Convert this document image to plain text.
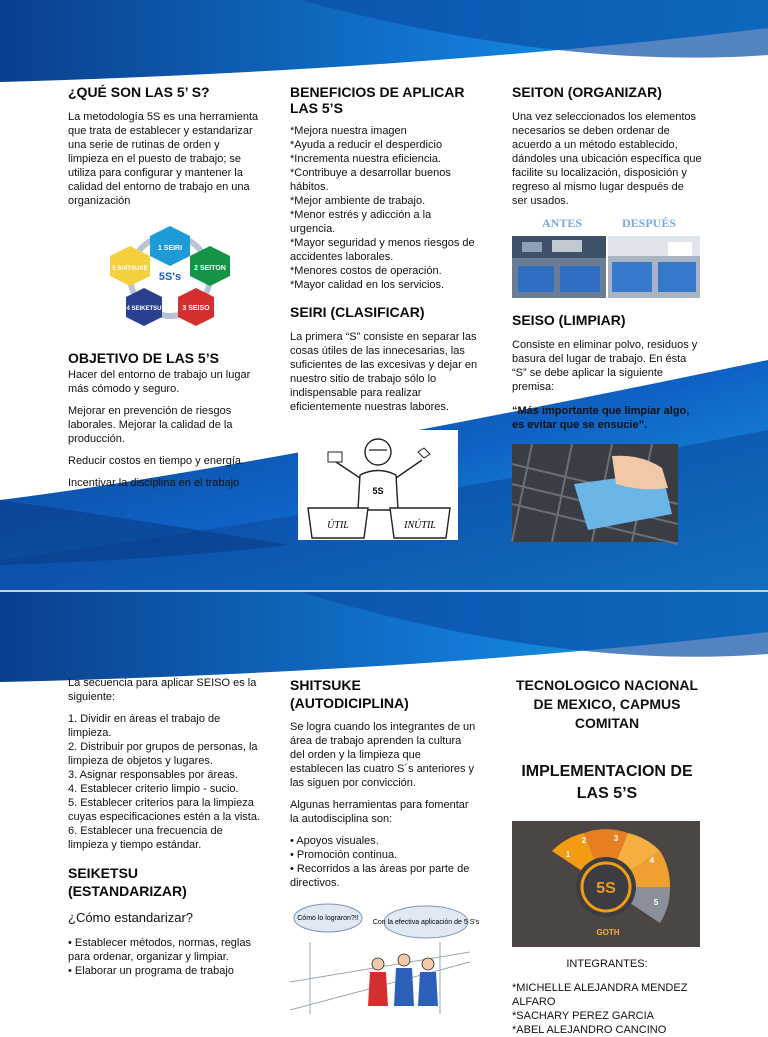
¿QUÉ SON LAS 5’ S?

La metodología 5S es una herramienta que trata de establecer y estandarizar una serie de rutinas de orden y limpieza en el puesto de trabajo; se utiliza para configurar y mantener la calidad del entorno de trabajo en una organización

1 SEIRI
2 SEITON
3 SEISO
4 SEIKETSU
5 SHITSUKE
5S's
OBJETIVO DE LAS 5’S

Hacer del entorno de trabajo un lugar más cómodo y seguro.

Mejorar en prevención de riesgos laborales. Mejorar la calidad de la producción.

Reducir costos en tiempo y energía.

Incentivar la disciplina en el trabajo

BENEFICIOS DE APLICAR LAS 5’S

*Mejora nuestra imagen

*Ayuda a reducir el desperdicio

*Incrementa nuestra eficiencia.

*Contribuye a desarrollar buenos hábitos.

*Mejor ambiente de trabajo.

*Menor estrés y adicción a la urgencia.

*Mayor seguridad y menos riesgos de accidentes laborales.

*Menores costos de operación.

*Mayor calidad en los servicios.

SEIRI (CLASIFICAR)

La primera “S” consiste en separar las cosas útiles de las innecesarias, las suficientes de las excesivas y dejar en nuestro sitio de trabajo sólo lo indispensable para realizar eficientemente nuestras labores.

5S
ÚTIL	INÚTIL
SEITON (ORGANIZAR)

Una vez seleccionados los elementos necesarios se deben ordenar de acuerdo a un método establecido, dándoles una ubicación específica que facilite su localización, disposición y regreso al mismo lugar después de ser usados.

ANTES	DESPUÉS
SEISO (LIMPIAR)

Consiste en eliminar polvo, residuos y basura del lugar de trabajo. En ésta “S” se debe aplicar la siguiente premisa:

“Más importante que limpiar algo, es evitar que se ensucie”.

La secuencia para aplicar SEISO es la siguiente:

1. Dividir en áreas el trabajo de limpieza.

2. Distribuir por grupos de personas, la limpieza de objetos y lugares.

3. Asignar responsables por áreas.

4. Establecer criterio limpio - sucio.

5. Establecer criterios para la limpieza cuyas especificaciones estén a la vista. 6. Establecer una frecuencia de limpieza y tiempo estándar.

SEIKETSU (ESTANDARIZAR)

¿Cómo estandarizar?

• Establecer métodos, normas, reglas para ordenar, organizar y limpiar.

• Elaborar un programa de trabajo

SHITSUKE (AUTODICIPLINA)

Se logra cuando los integrantes de un área de trabajo aprenden la cultura del orden y la limpieza que establecen las cuatro S´s anteriores y las siguen por convicción.

Algunas herramientas para fomentar la autodisciplina son:

• Apoyos visuales.

• Promoción continua.

• Recorridos a las áreas por parte de directivos.

Cómo lo lograron?!!
Con la efectiva aplicación de 5 S's
TECNOLOGICO NACIONAL DE MEXICO, CAPMUS COMITAN
IMPLEMENTACION DE LAS 5’S
1
2	3
4
5
5S
GOTH

INTEGRANTES:

*MICHELLE ALEJANDRA MENDEZ ALFARO

*SACHARY PEREZ GARCIA

*ABEL ALEJANDRO CANCINO
